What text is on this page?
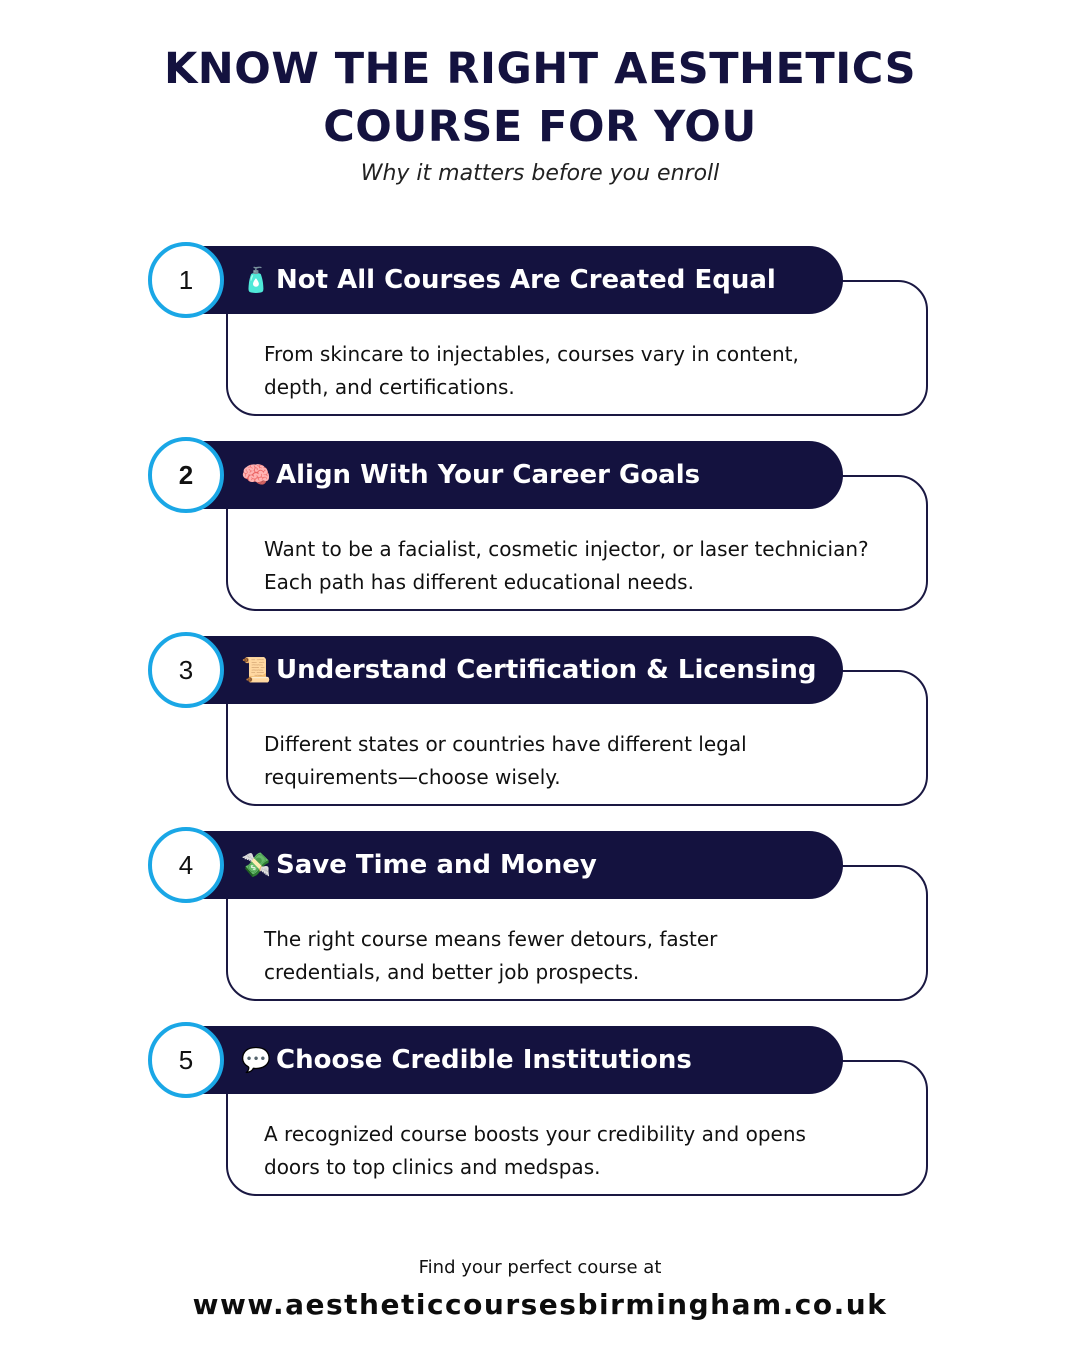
KNOW THE RIGHT AESTHETICS
COURSE FOR YOU
Why it matters before you enroll
1	🧴 Not All Courses Are Created Equal
From skincare to injectables, courses vary in content,
depth, and certifications.
2	🧠 Align With Your Career Goals
Want to be a facialist, cosmetic injector, or laser technician?
Each path has different educational needs.
3	📜 Understand Certification & Licensing
Different states or countries have different legal
requirements—choose wisely.
4	💸 Save Time and Money
The right course means fewer detours, faster
credentials, and better job prospects.
5	💬 Choose Credible Institutions
A recognized course boosts your credibility and opens
doors to top clinics and medspas.
Find your perfect course at
www.aestheticcoursesbirmingham.co.uk
